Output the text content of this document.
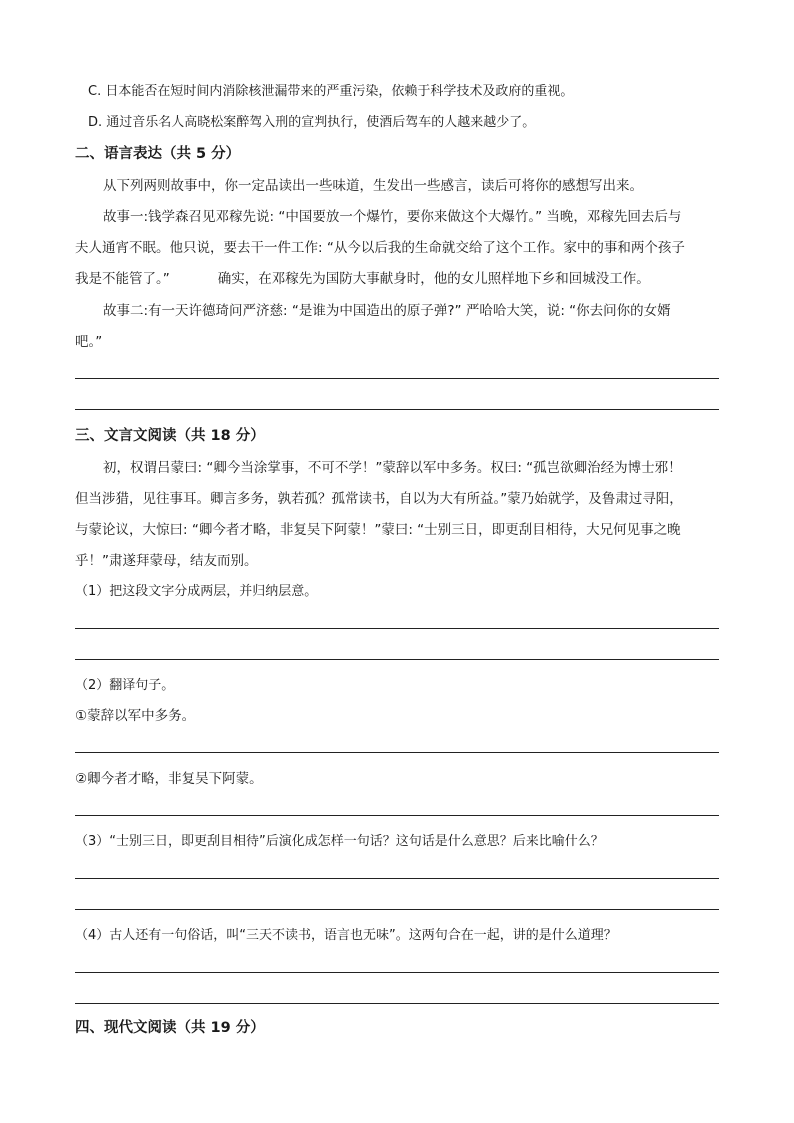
C. 日本能否在短时间内消除核泄漏带来的严重污染，依赖于科学技术及政府的重视。
D. 通过音乐名人高晓松案醉驾入刑的宣判执行，使酒后驾车的人越来越少了。
二、语言表达（共 5 分）
从下列两则故事中，你一定品读出一些味道，生发出一些感言，读后可将你的感想写出来。
故事一:钱学森召见邓稼先说: “中国要放一个爆竹，要你来做这个大爆竹。” 当晚，邓稼先回去后与
夫人通宵不眠。他只说，要去干一件工作: “从今以后我的生命就交给了这个工作。家中的事和两个孩子
我是不能管了。”	确实，在邓稼先为国防大事献身时，他的女儿照样地下乡和回城没工作。
故事二:有一天许德琦问严济慈: “是谁为中国造出的原子弹?” 严哈哈大笑，说: “你去问你的女婿
吧。”
三、文言文阅读（共 18 分）
初，权谓吕蒙曰: “卿今当涂掌事，不可不学！”蒙辞以军中多务。权曰: “孤岂欲卿治经为博士邪！
但当涉猎，见往事耳。卿言多务，孰若孤？孤常读书，自以为大有所益。”蒙乃始就学，及鲁肃过寻阳，
与蒙论议，大惊曰: “卿今者才略，非复吴下阿蒙！”蒙曰: “士别三日，即更刮目相待，大兄何见事之晚
乎！”肃遂拜蒙母，结友而别。
（1）把这段文字分成两层，并归纳层意。
（2）翻译句子。
①蒙辞以军中多务。
②卿今者才略，非复吴下阿蒙。
（3）“士别三日，即更刮目相待”后演化成怎样一句话？这句话是什么意思？后来比喻什么？
（4）古人还有一句俗话，叫“三天不读书，语言也无味”。这两句合在一起，讲的是什么道理？
四、现代文阅读（共 19 分）
